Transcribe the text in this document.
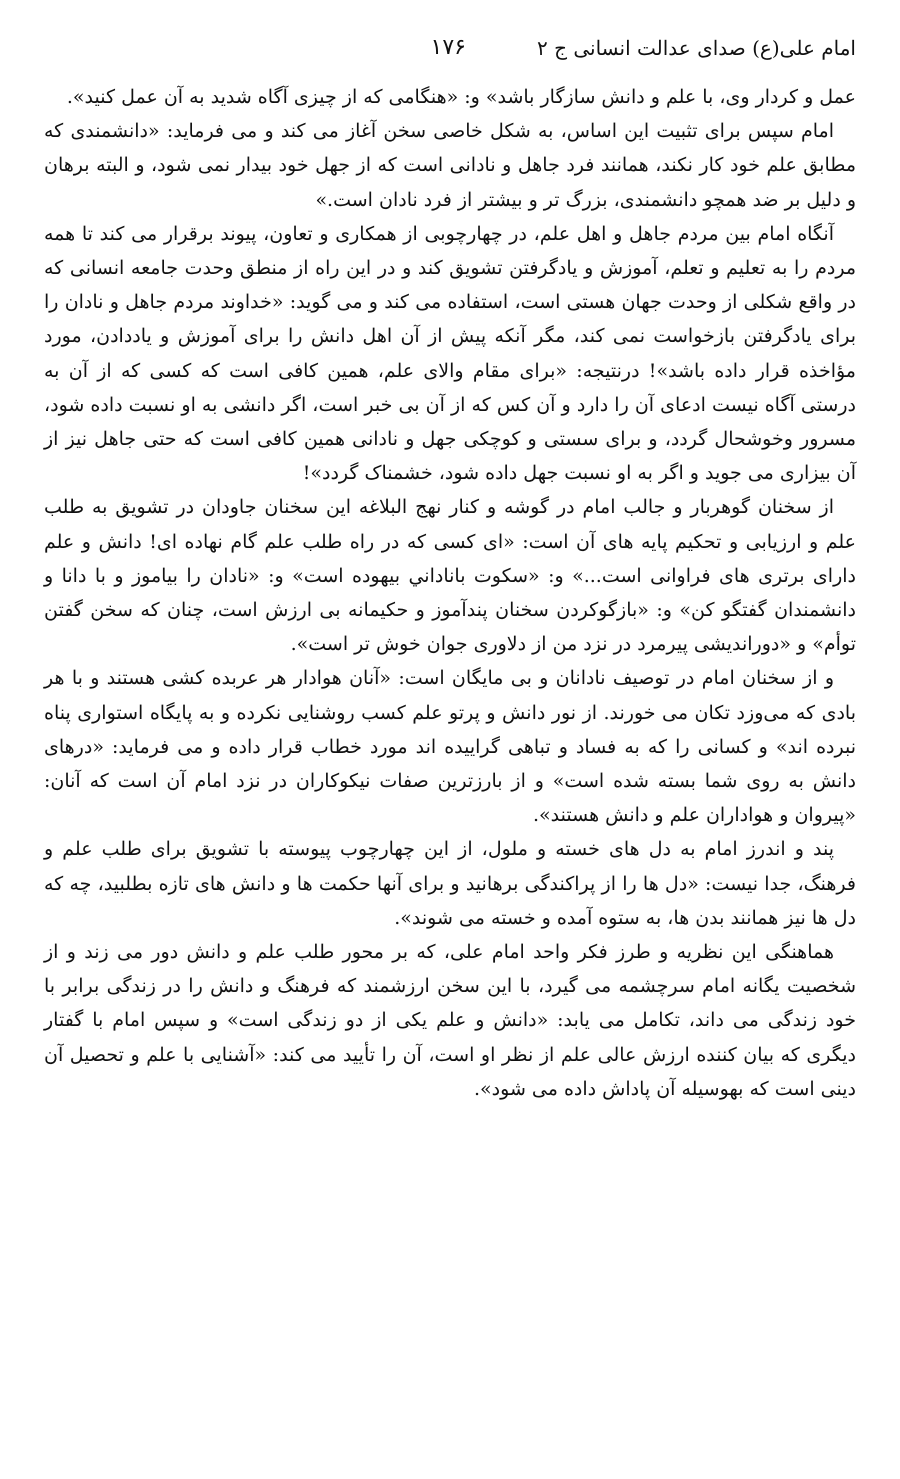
امام علی(ع) صدای عدالت انسانی ج ۲
۱۷۶

عمل و کردار وی، با علم و دانش سازگار باشد» و: «هنگامی که از چیزی آگاه شدید به آن عمل کنید».

امام سپس برای تثبیت این اساس، به شکل خاصی سخن آغاز می کند و می فرماید: «دانشمندی که مطابق علم خود کار نکند، همانند فرد جاهل و نادانی است که از جهل خود بیدار نمی شود، و البته برهان و دلیل بر ضد همچو دانشمندی، بزرگ تر و بیشتر از فرد نادان است.»

آنگاه امام بین مردم جاهل و اهل علم، در چهارچوبی از همکاری و تعاون، پیوند برقرار می کند تا همه مردم را به تعلیم و تعلم، آموزش و یادگرفتن تشویق کند و در این راه از منطق وحدت جامعه انسانی که در واقع شکلی از وحدت جهان هستی است، استفاده می کند و می گوید: «خداوند مردم جاهل و نادان را برای یادگرفتن بازخواست نمی کند، مگر آنکه پیش از آن اهل دانش را برای آموزش و یاددادن، مورد مؤاخذه قرار داده باشد»! درنتیجه: «برای مقام والای علم، همین کافی است که کسی که از آن به درستی آگاه نیست ادعای آن را دارد و آن کس که از آن بی خبر است، اگر دانشی به او نسبت داده شود، مسرور وخوشحال گردد، و برای سستی و کوچکی جهل و نادانی همین کافی است که حتی جاهل نیز از آن بیزاری می جوید و اگر به او نسبت جهل داده شود، خشمناک گردد»!

از سخنان گوهربار و جالب امام در گوشه و کنار نهج البلاغه این سخنان جاودان در تشویق به طلب علم و ارزیابی و تحکیم پایه های آن است: «ای کسی که در راه طلب علم گام نهاده ای! دانش و علم دارای برتری های فراوانی است...» و: «سکوت باناداني بيهوده است» و: «نادان را بیاموز و با دانا و دانشمندان گفتگو کن» و: «بازگوکردن سخنان پندآموز و حکیمانه بی ارزش است، چنان که سخن گفتن توأم» و «دوراندیشی پیرمرد در نزد من از دلاوری جوان خوش تر است».

و از سخنان امام در توصیف نادانان و بی مایگان است: «آنان هوادار هر عربده کشی هستند و با هر بادی که می‌وزد تکان می خورند. از نور دانش و پرتو علم کسب روشنایی نکرده و به پایگاه استواری پناه نبرده اند» و کسانی را که به فساد و تباهی گراییده اند مورد خطاب قرار داده و می فرماید: «درهای دانش به روی شما بسته شده است» و از بارزترین صفات نیکوکاران در نزد امام آن است که آنان: «پیروان و هواداران علم و دانش هستند».

پند و اندرز امام به دل های خسته و ملول، از این چهارچوب پیوسته با تشویق برای طلب علم و فرهنگ، جدا نیست: «دل ها را از پراکندگی برهانید و برای آنها حکمت ها و دانش های تازه بطلبید، چه که دل ها نیز همانند بدن ها، به ستوه آمده و خسته می شوند».

هماهنگی این نظریه و طرز فکر واحد امام علی، که بر محور طلب علم و دانش دور می زند و از شخصیت یگانه امام سرچشمه می گیرد، با این سخن ارزشمند که فرهنگ و دانش را در زندگی برابر با خود زندگی می داند، تکامل می یابد: «دانش و علم یکی از دو زندگی است» و سپس امام با گفتار دیگری که بیان کننده ارزش عالی علم از نظر او است، آن را تأیید می کند: «آشنایی با علم و تحصیل آن دینی است که بهوسیله آن پاداش داده می شود».
